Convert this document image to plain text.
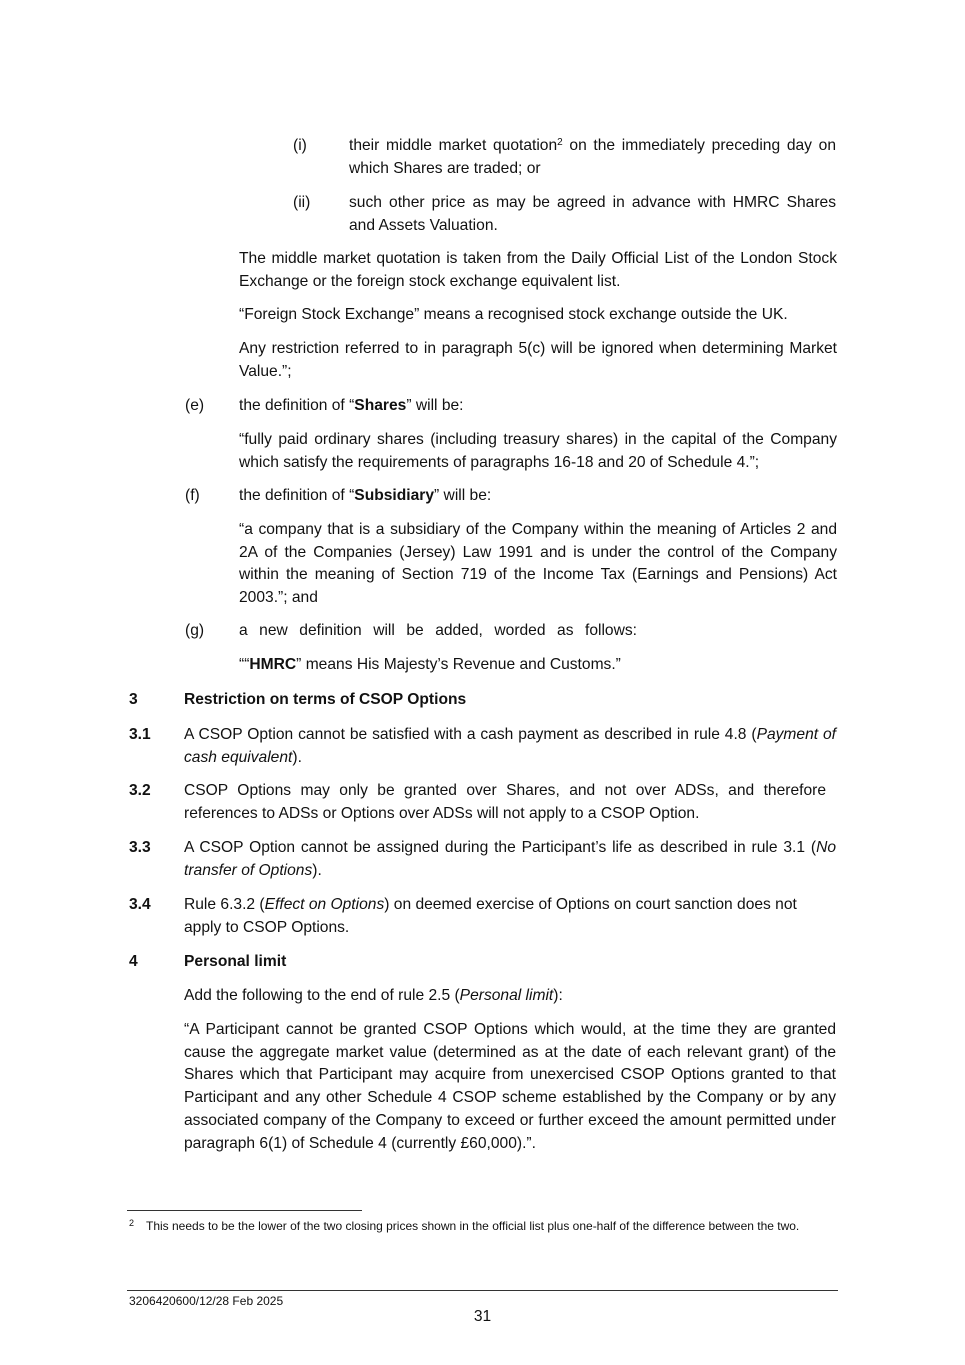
(i)	their middle market quotation$^2$ on the immediately preceding day on which Shares are traded; or
(ii) such other price as may be agreed in advance with HMRC Shares and Assets Valuation.
The middle market quotation is taken from the Daily Official List of the London Stock Exchange or the foreign stock exchange equivalent list.
“Foreign Stock Exchange” means a recognised stock exchange outside the UK.
Any restriction referred to in paragraph 5(c) will be ignored when determining Market Value.”;
(e) the definition of “Shares” will be:
“fully paid ordinary shares (including treasury shares) in the capital of the Company which satisfy the requirements of paragraphs 16-18 and 20 of Schedule 4.”;
(f)	the definition of “Subsidiary” will be:
“a company that is a subsidiary of the Company within the meaning of Articles 2 and 2A of the Companies (Jersey) Law 1991 and is under the control of the Company within the meaning of Section 719 of the Income Tax (Earnings and Pensions) Act 2003.”; and
(g) a new definition will be added, worded as follows:
““HMRC” means His Majesty’s Revenue and Customs.”
3	Restriction on terms of CSOP Options
3.1 A CSOP Option cannot be satisfied with a cash payment as described in rule 4.8 (Payment of cash equivalent).
3.2 CSOP Options may only be granted over Shares, and not over ADSs, and therefore references to ADSs or Options over ADSs will not apply to a CSOP Option.
3.3 A CSOP Option cannot be assigned during the Participant’s life as described in rule 3.1 (No transfer of Options).
3.4 Rule 6.3.2 (Effect on Options) on deemed exercise of Options on court sanction does not apply to CSOP Options.
4	Personal limit
Add the following to the end of rule 2.5 (Personal limit):
“A Participant cannot be granted CSOP Options which would, at the time they are granted cause the aggregate market value (determined as at the date of each relevant grant) of the Shares which that Participant may acquire from unexercised CSOP Options granted to that Participant and any other Schedule 4 CSOP scheme established by the Company or by any associated company of the Company to exceed or further exceed the amount permitted under paragraph 6(1) of Schedule 4 (currently £60,000).”.
2 This needs to be the lower of the two closing prices shown in the official list plus one-half of the difference between the two.
3206420600/12/28 Feb 2025
31
